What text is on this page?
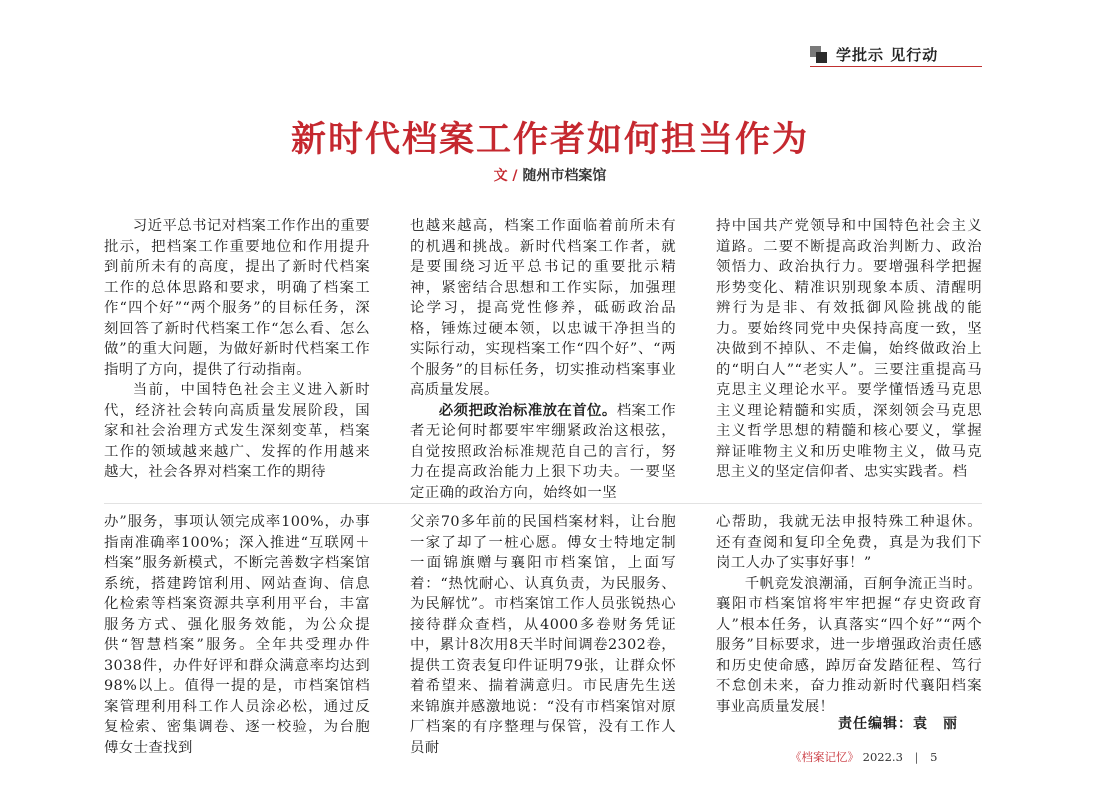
学批示 见行动
新时代档案工作者如何担当作为
文 / 随州市档案馆

习近平总书记对档案工作作出的重要批示，把档案工作重要地位和作用提升到前所未有的高度，提出了新时代档案工作的总体思路和要求，明确了档案工作“四个好”“两个服务”的目标任务，深刻回答了新时代档案工作“怎么看、怎么做”的重大问题，为做好新时代档案工作指明了方向，提供了行动指南。

当前，中国特色社会主义进入新时代，经济社会转向高质量发展阶段，国家和社会治理方式发生深刻变革，档案工作的领域越来越广、发挥的作用越来越大，社会各界对档案工作的期待

也越来越高，档案工作面临着前所未有的机遇和挑战。新时代档案工作者，就是要围绕习近平总书记的重要批示精神，紧密结合思想和工作实际，加强理论学习，提高党性修养，砥砺政治品格，锤炼过硬本领，以忠诚干净担当的实际行动，实现档案工作“四个好”、“两个服务”的目标任务，切实推动档案事业高质量发展。

必须把政治标准放在首位。档案工作者无论何时都要牢牢绷紧政治这根弦，自觉按照政治标准规范自己的言行，努力在提高政治能力上狠下功夫。一要坚定正确的政治方向，始终如一坚

持中国共产党领导和中国特色社会主义道路。二要不断提高政治判断力、政治领悟力、政治执行力。要增强科学把握形势变化、精准识别现象本质、清醒明辨行为是非、有效抵御风险挑战的能力。要始终同党中央保持高度一致，坚决做到不掉队、不走偏，始终做政治上的“明白人”“老实人”。三要注重提高马克思主义理论水平。要学懂悟透马克思主义理论精髓和实质，深刻领会马克思主义哲学思想的精髓和核心要义，掌握辩证唯物主义和历史唯物主义，做马克思主义的坚定信仰者、忠实实践者。档

办”服务，事项认领完成率100%，办事指南准确率100%；深入推进“互联网＋档案”服务新模式，不断完善数字档案馆系统，搭建跨馆利用、网站查询、信息化检索等档案资源共享利用平台，丰富服务方式、强化服务效能，为公众提供“智慧档案”服务。全年共受理办件3038件，办件好评和群众满意率均达到98%以上。值得一提的是，市档案馆档案管理利用科工作人员涂必松，通过反复检索、密集调卷、逐一校验，为台胞傅女士查找到

父亲70多年前的民国档案材料，让台胞一家了却了一桩心愿。傅女士特地定制一面锦旗赠与襄阳市档案馆，上面写着：“热忱耐心、认真负责，为民服务、为民解忧”。市档案馆工作人员张锐热心接待群众查档，从4000多卷财务凭证中，累计8次用8天半时间调卷2302卷，提供工资表复印件证明79张，让群众怀着希望来、揣着满意归。市民唐先生送来锦旗并感激地说：“没有市档案馆对原厂档案的有序整理与保管，没有工作人员耐

心帮助，我就无法申报特殊工种退休。还有查阅和复印全免费，真是为我们下岗工人办了实事好事！”

千帆竞发浪潮涌，百舸争流正当时。襄阳市档案馆将牢牢把握“存史资政育人”根本任务，认真落实“四个好”“两个服务”目标要求，进一步增强政治责任感和历史使命感，踔厉奋发踏征程、笃行不怠创未来，奋力推动新时代襄阳档案事业高质量发展！

责任编辑：袁　丽
《档案记忆》 2022.3 | 5
